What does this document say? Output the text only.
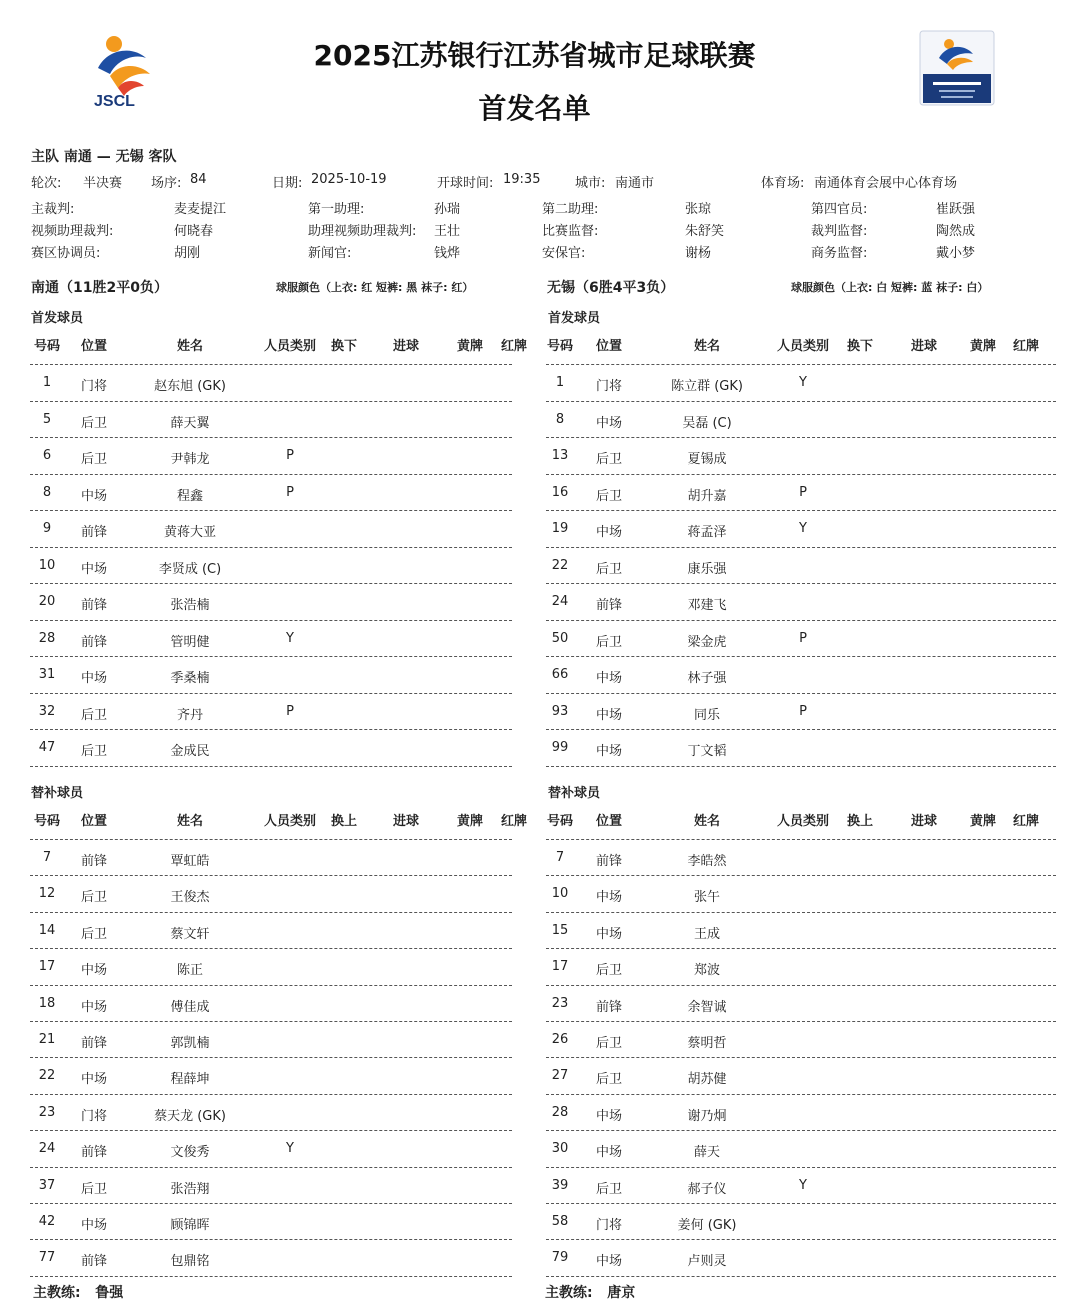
JSCL
2025江苏银行江苏省城市足球联赛
首发名单
主队 南通 — 无锡 客队
轮次: 半决赛 场序: 84	日期: 2025-10-19	开球时间: 19:35	城市: 南通市	体育场: 南通体育会展中心体育场
主裁判:	麦麦提江	第一助理:	孙瑞	第二助理:	张琼	第四官员:	崔跃强
视频助理裁判:	何晓春	助理视频助理裁判: 王壮	比赛监督:	朱舒笑	裁判监督:	陶然成
赛区协调员:	胡刚	新闻官:	钱烨	安保官:	谢杨	商务监督:	戴小梦
南通（11胜2平0负）	球服颜色（上衣: 红 短裤: 黑 袜子: 红）	无锡（6胜4平3负）	球服颜色（上衣: 白 短裤: 蓝 袜子: 白）
首发球员
号码	位置	姓名	人员类别	换下	进球	黄牌	红牌
1	门将	赵东旭 (GK)
5	后卫	薛天翼
6	后卫	尹韩龙	P
8	中场	程鑫	P
9	前锋	黄蒋大亚
10	中场	李贤成 (C)
20	前锋	张浩楠
28	前锋	管明健	Y
31	中场	季桑楠
32	后卫	齐丹	P
47	后卫	金成民
首发球员
号码	位置	姓名	人员类别	换下	进球	黄牌	红牌
1	门将	陈立群 (GK)	Y
8	中场	吴磊 (C)
13	后卫	夏锡成
16	后卫	胡升嘉	P
19	中场	蒋孟泽	Y
22	后卫	康乐强
24	前锋	邓建飞
50	后卫	梁金虎	P
66	中场	林子强
93	中场	同乐	P
99	中场	丁文韬
替补球员
号码	位置	姓名	人员类别	换上	进球	黄牌	红牌
7	前锋	覃虹皓
12	后卫	王俊杰
14	后卫	蔡文轩
17	中场	陈正
18	中场	傅佳成
21	前锋	郭凯楠
22	中场	程薛坤
23	门将	蔡天龙 (GK)
24	前锋	文俊秀	Y
37	后卫	张浩翔
42	中场	顾锦晖
77	前锋	包鼎铭
替补球员
号码	位置	姓名	人员类别	换上	进球	黄牌	红牌
7	前锋	李皓然
10	中场	张午
15	中场	王成
17	后卫	郑波
23	前锋	余智诚
26	后卫	蔡明哲
27	后卫	胡苏健
28	中场	谢乃炯
30	中场	薛天
39	后卫	郝子仪	Y
58	门将	姜何 (GK)
79	中场	卢则灵
主教练: 鲁强	主教练: 唐京
